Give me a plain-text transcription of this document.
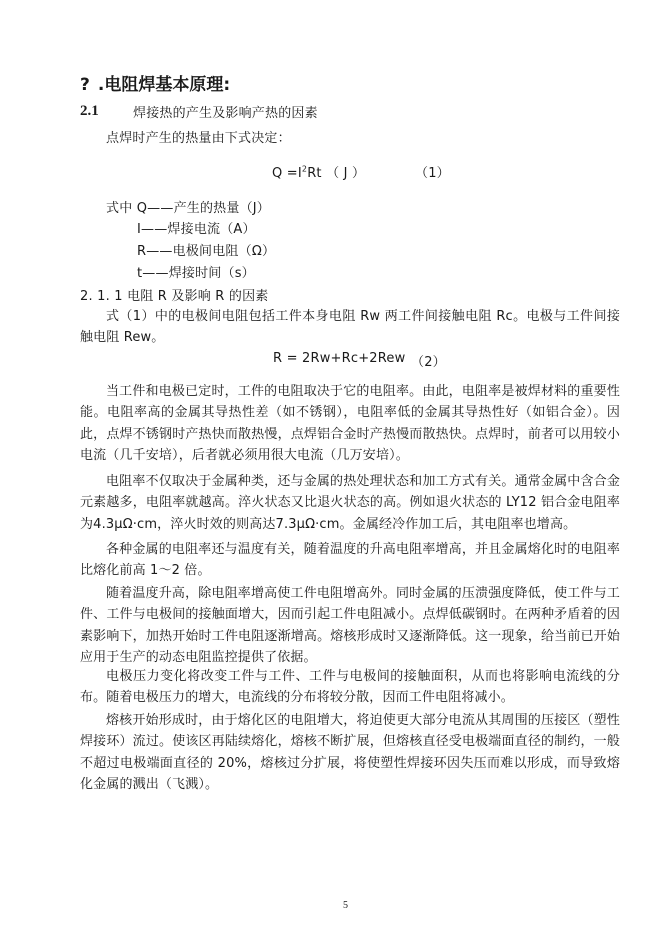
? .电阻焊基本原理:
2.1	焊接热的产生及影响产热的因素
点焊时产生的热量由下式决定：
$Q =I^2Rt$ （ J ）	（1）
式中 Q——产生的热量（J）
I——焊接电流（A）
R——电极间电阻（Ω）
t——焊接时间（s）
2. 1. 1 电阻 R 及影响 R 的因素
式（1）中的电极间电阻包括工件本身电阻 Rw 两工件间接触电阻 Rc。电极与工件间接触电阻 Rew。
R = 2Rw+Rc+2Rew （2）
当工件和电极已定时，工件的电阻取决于它的电阻率。由此，电阻率是被焊材料的重要性能。电阻率高的金属其导热性差（如不锈钢），电阻率低的金属其导热性好（如铝合金）。因此，点焊不锈钢时产热快而散热慢，点焊铝合金时产热慢而散热快。点焊时，前者可以用较小电流（几千安培），后者就必须用很大电流（几万安培）。
电阻率不仅取决于金属种类，还与金属的热处理状态和加工方式有关。通常金属中含合金元素越多，电阻率就越高。淬火状态又比退火状态的高。例如退火状态的 LY12 铝合金电阻率为4.3μΩ·cm，淬火时效的则高达7.3μΩ·cm。金属经冷作加工后，其电阻率也增高。
各种金属的电阻率还与温度有关，随着温度的升高电阻率增高，并且金属熔化时的电阻率比熔化前高 1～2 倍。
随着温度升高，除电阻率增高使工件电阻增高外。同时金属的压溃强度降低，使工件与工件、工件与电极间的接触面增大，因而引起工件电阻减小。点焊低碳钢时。在两种矛盾着的因素影响下，加热开始时工件电阻逐渐增高。熔核形成时又逐渐降低。这一现象，给当前已开始应用于生产的动态电阻监控提供了依据。
电极压力变化将改变工件与工件、工件与电极间的接触面积，从而也将影响电流线的分布。随着电极压力的增大，电流线的分布将较分散，因而工件电阻将减小。
熔核开始形成时，由于熔化区的电阻增大，将迫使更大部分电流从其周围的压接区（塑性焊接环）流过。使该区再陆续熔化，熔核不断扩展，但熔核直径受电极端面直径的制约，一般不超过电极端面直径的 20%，熔核过分扩展，将使塑性焊接环因失压而难以形成，而导致熔化金属的溅出（飞溅）。
5
